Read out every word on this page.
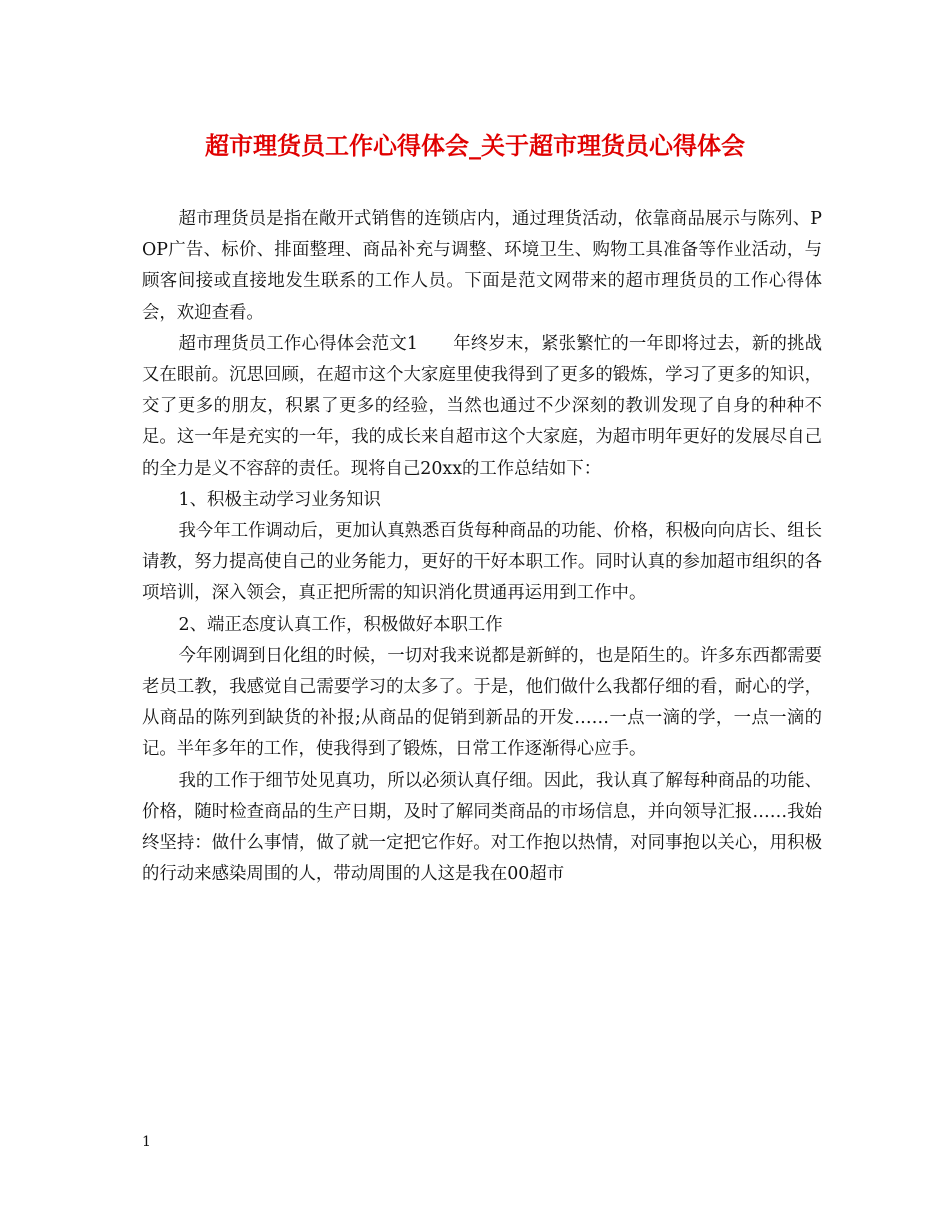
超市理货员工作心得体会_关于超市理货员心得体会

超市理货员是指在敞开式销售的连锁店内，通过理货活动，依靠商品展示与陈列、POP广告、标价、排面整理、商品补充与调整、环境卫生、购物工具准备等作业活动，与顾客间接或直接地发生联系的工作人员。下面是范文网带来的超市理货员的工作心得体会，欢迎查看。

超市理货员工作心得体会范文1　　年终岁末，紧张繁忙的一年即将过去，新的挑战又在眼前。沉思回顾，在超市这个大家庭里使我得到了更多的锻炼，学习了更多的知识，交了更多的朋友，积累了更多的经验，当然也通过不少深刻的教训发现了自身的种种不足。这一年是充实的一年，我的成长来自超市这个大家庭，为超市明年更好的发展尽自己的全力是义不容辞的责任。现将自己20xx的工作总结如下：

1、积极主动学习业务知识

我今年工作调动后，更加认真熟悉百货每种商品的功能、价格，积极向向店长、组长请教，努力提高使自己的业务能力，更好的干好本职工作。同时认真的参加超市组织的各项培训，深入领会，真正把所需的知识消化贯通再运用到工作中。

2、端正态度认真工作，积极做好本职工作

今年刚调到日化组的时候，一切对我来说都是新鲜的，也是陌生的。许多东西都需要老员工教，我感觉自己需要学习的太多了。于是，他们做什么我都仔细的看，耐心的学，从商品的陈列到缺货的补报;从商品的促销到新品的开发……一点一滴的学，一点一滴的记。半年多年的工作，使我得到了锻炼，日常工作逐渐得心应手。

我的工作于细节处见真功，所以必须认真仔细。因此，我认真了解每种商品的功能、价格，随时检查商品的生产日期，及时了解同类商品的市场信息，并向领导汇报……我始终坚持：做什么事情，做了就一定把它作好。对工作抱以热情，对同事抱以关心，用积极的行动来感染周围的人，带动周围的人这是我在00超市

1
